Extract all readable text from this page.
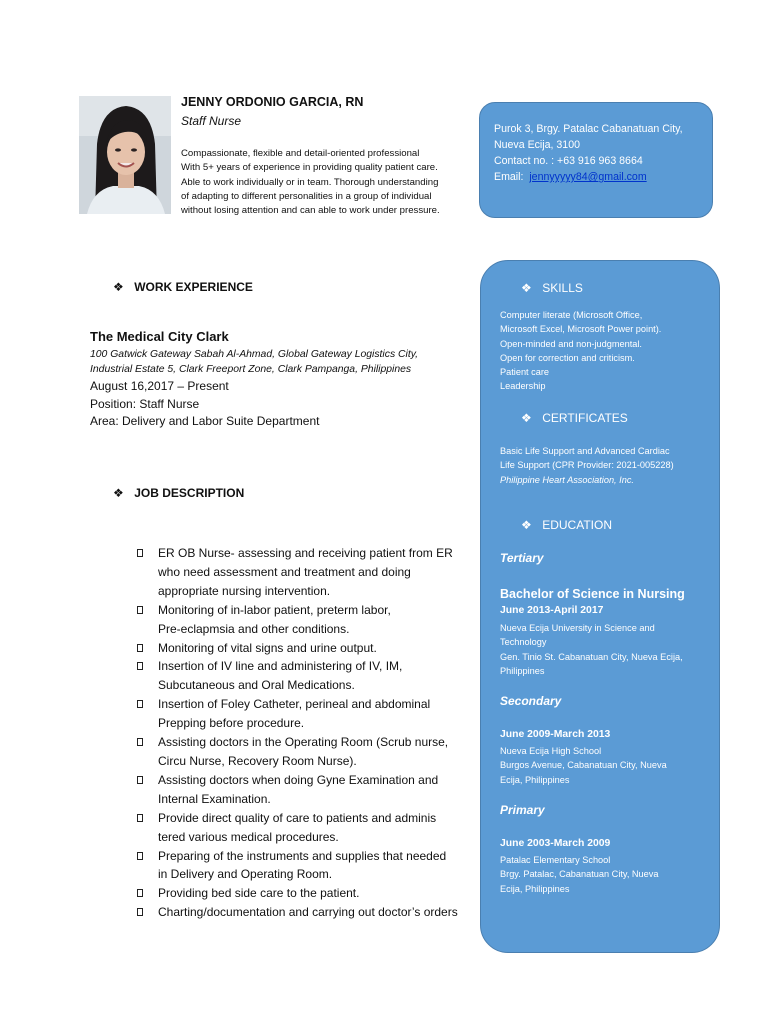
JENNY ORDONIO GARCIA, RN
Staff Nurse
Compassionate, flexible and detail-oriented professional
With 5+ years of experience in providing quality patient care.
Able to work individually or in team. Thorough understanding
of adapting to different personalities in a group of individual
without losing attention and can able to work under pressure.
Purok 3, Brgy. Patalac Cabanatuan City,
Nueva Ecija, 3100
Contact no. : +63 916 963 8664
Email: jennyyyyy84@gmail.com
❖ WORK EXPERIENCE
The Medical City Clark
100 Gatwick Gateway Sabah Al-Ahmad, Global Gateway Logistics City,
Industrial Estate 5, Clark Freeport Zone, Clark Pampanga, Philippines
August 16,2017 – Present
Position: Staff Nurse
Area: Delivery and Labor Suite Department
❖ JOB DESCRIPTION
ER OB Nurse- assessing and receiving patient from ER
who need assessment and treatment and doing
appropriate nursing intervention.
Monitoring of in-labor patient, preterm labor,
Pre-eclapmsia and other conditions.
Monitoring of vital signs and urine output.
Insertion of IV line and administering of IV, IM,
Subcutaneous and Oral Medications.
Insertion of Foley Catheter, perineal and abdominal
Prepping before procedure.
Assisting doctors in the Operating Room (Scrub nurse,
Circu Nurse, Recovery Room Nurse).
Assisting doctors when doing Gyne Examination and
Internal Examination.
Provide direct quality of care to patients and adminis
tered various medical procedures.
Preparing of the instruments and supplies that needed
in Delivery and Operating Room.
Providing bed side care to the patient.
Charting/documentation and carrying out doctor’s orders
❖ SKILLS
Computer literate (Microsoft Office,
Microsoft Excel, Microsoft Power point).
Open-minded and non-judgmental.
Open for correction and criticism.
Patient care
Leadership
❖ CERTIFICATES
Basic Life Support and Advanced Cardiac
Life Support (CPR Provider: 2021-005228)
Philippine Heart Association, Inc.
❖ EDUCATION
Tertiary
Bachelor of Science in Nursing
June 2013-April 2017
Nueva Ecija University in Science and
Technology
Gen. Tinio St. Cabanatuan City, Nueva Ecija,
Philippines
Secondary
June 2009-March 2013
Nueva Ecija High School
Burgos Avenue, Cabanatuan City, Nueva
Ecija, Philippines
Primary
June 2003-March 2009
Patalac Elementary School
Brgy. Patalac, Cabanatuan City, Nueva
Ecija, Philippines
